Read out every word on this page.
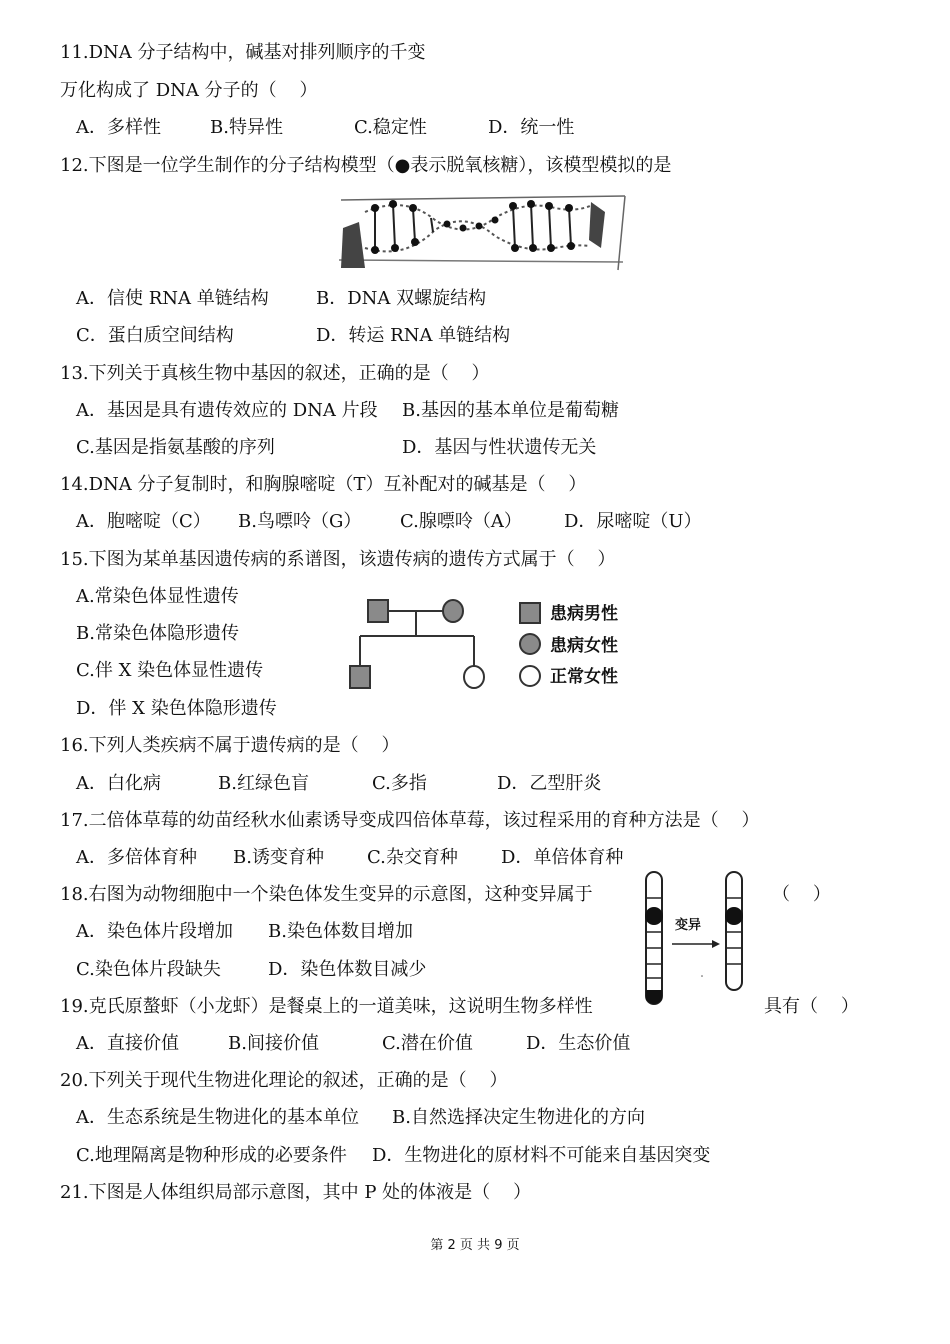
11.DNA 分子结构中，碱基对排列顺序的千变
万化构成了 DNA 分子的（    ）
A．多样性	B.特异性	C.稳定性	D．统一性
12.下图是一位学生制作的分子结构模型（●表示脱氧核糖），该模型模拟的是
A．信使 RNA 单链结构	B．DNA 双螺旋结构
C．蛋白质空间结构	D．转运 RNA 单链结构
13.下列关于真核生物中基因的叙述，正确的是（    ）
A．基因是具有遗传效应的 DNA 片段 B.基因的基本单位是葡萄糖
C.基因是指氨基酸的序列	D．基因与性状遗传无关
14.DNA 分子复制时，和胸腺嘧啶（T）互补配对的碱基是（    ）
A．胞嘧啶（C） B.鸟嘌呤（G） C.腺嘌呤（A） D．尿嘧啶（U）
15.下图为某单基因遗传病的系谱图，该遗传病的遗传方式属于（    ）
A.常染色体显性遗传
B.常染色体隐形遗传
C.伴 X 染色体显性遗传
D．伴 X 染色体隐形遗传
患病男性
患病女性
正常女性
16.下列人类疾病不属于遗传病的是（    ）
A．白化病	B.红绿色盲	C.多指	D．乙型肝炎
17.二倍体草莓的幼苗经秋水仙素诱导变成四倍体草莓，该过程采用的育种方法是（    ）
A．多倍体育种 B.诱变育种 C.杂交育种 D．单倍体育种
18.右图为动物细胞中一个染色体发生变异的示意图，这种变异属于	（    ）
A．染色体片段增加 B.染色体数目增加
C.染色体片段缺失	D．染色体数目减少
变异
19.克氏原螯虾（小龙虾）是餐桌上的一道美味，这说明生物多样性	具有（    ）
A．直接价值	B.间接价值	C.潜在价值	D．生态价值
20.下列关于现代生物进化理论的叙述，正确的是（    ）
A．生态系统是生物进化的基本单位 B.自然选择决定生物进化的方向
C.地理隔离是物种形成的必要条件 D．生物进化的原材料不可能来自基因突变
21.下图是人体组织局部示意图，其中 P 处的体液是（    ）
第 2 页 共 9 页
